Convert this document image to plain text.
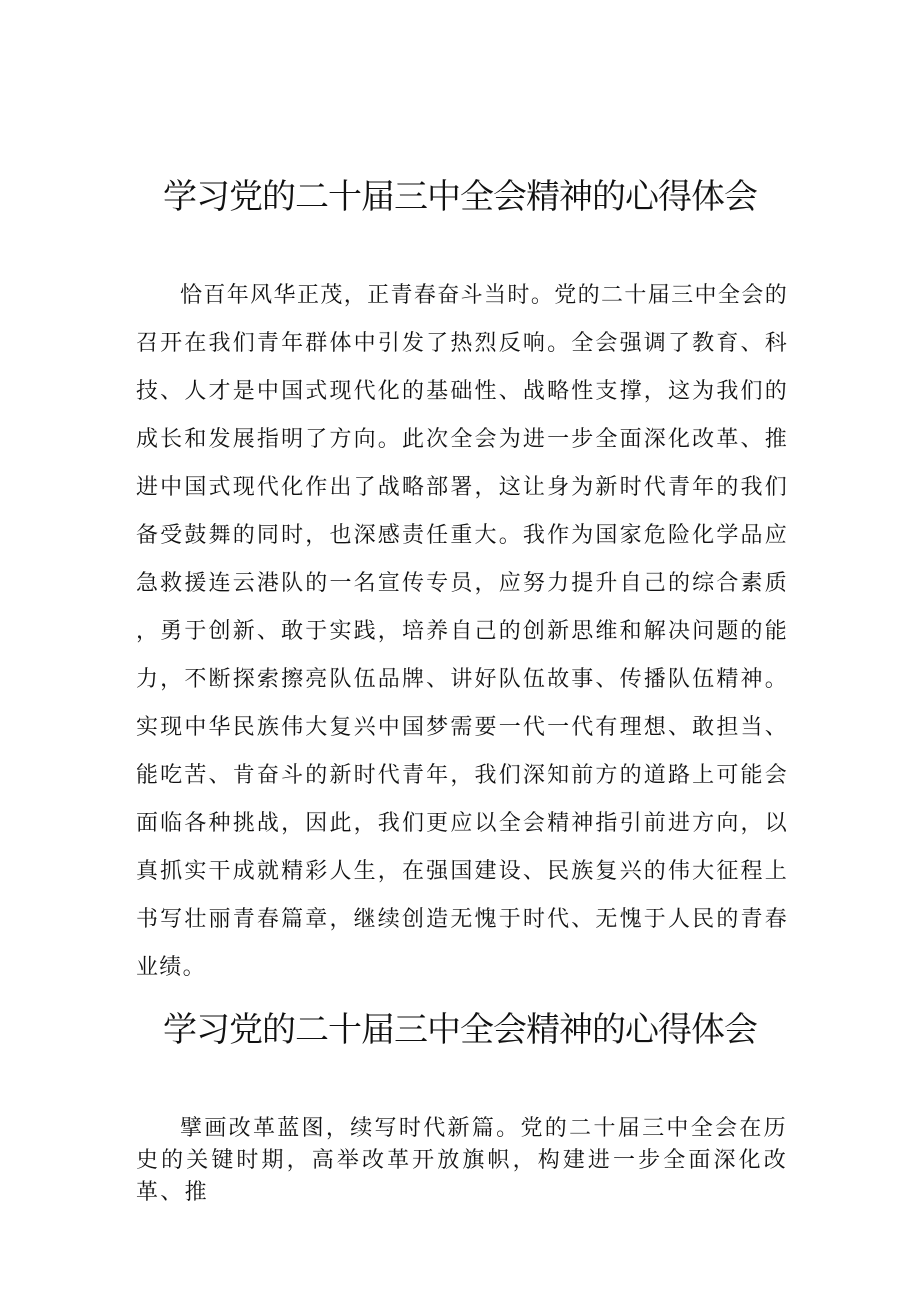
学习党的二十届三中全会精神的心得体会

恰百年风华正茂，正青春奋斗当时。党的二十届三中全会的召开在我们青年群体中引发了热烈反响。全会强调了教育、科技、人才是中国式现代化的基础性、战略性支撑，这为我们的成长和发展指明了方向。此次全会为进一步全面深化改革、推进中国式现代化作出了战略部署，这让身为新时代青年的我们备受鼓舞的同时，也深感责任重大。我作为国家危险化学品应急救援连云港队的一名宣传专员，应努力提升自己的综合素质，勇于创新、敢于实践，培养自己的创新思维和解决问题的能力，不断探索擦亮队伍品牌、讲好队伍故事、传播队伍精神。实现中华民族伟大复兴中国梦需要一代一代有理想、敢担当、能吃苦、肯奋斗的新时代青年，我们深知前方的道路上可能会面临各种挑战，因此，我们更应以全会精神指引前进方向，以真抓实干成就精彩人生，在强国建设、民族复兴的伟大征程上书写壮丽青春篇章，继续创造无愧于时代、无愧于人民的青春业绩。

学习党的二十届三中全会精神的心得体会

擘画改革蓝图，续写时代新篇。党的二十届三中全会在历史的关键时期，高举改革开放旗帜，构建进一步全面深化改革、推
